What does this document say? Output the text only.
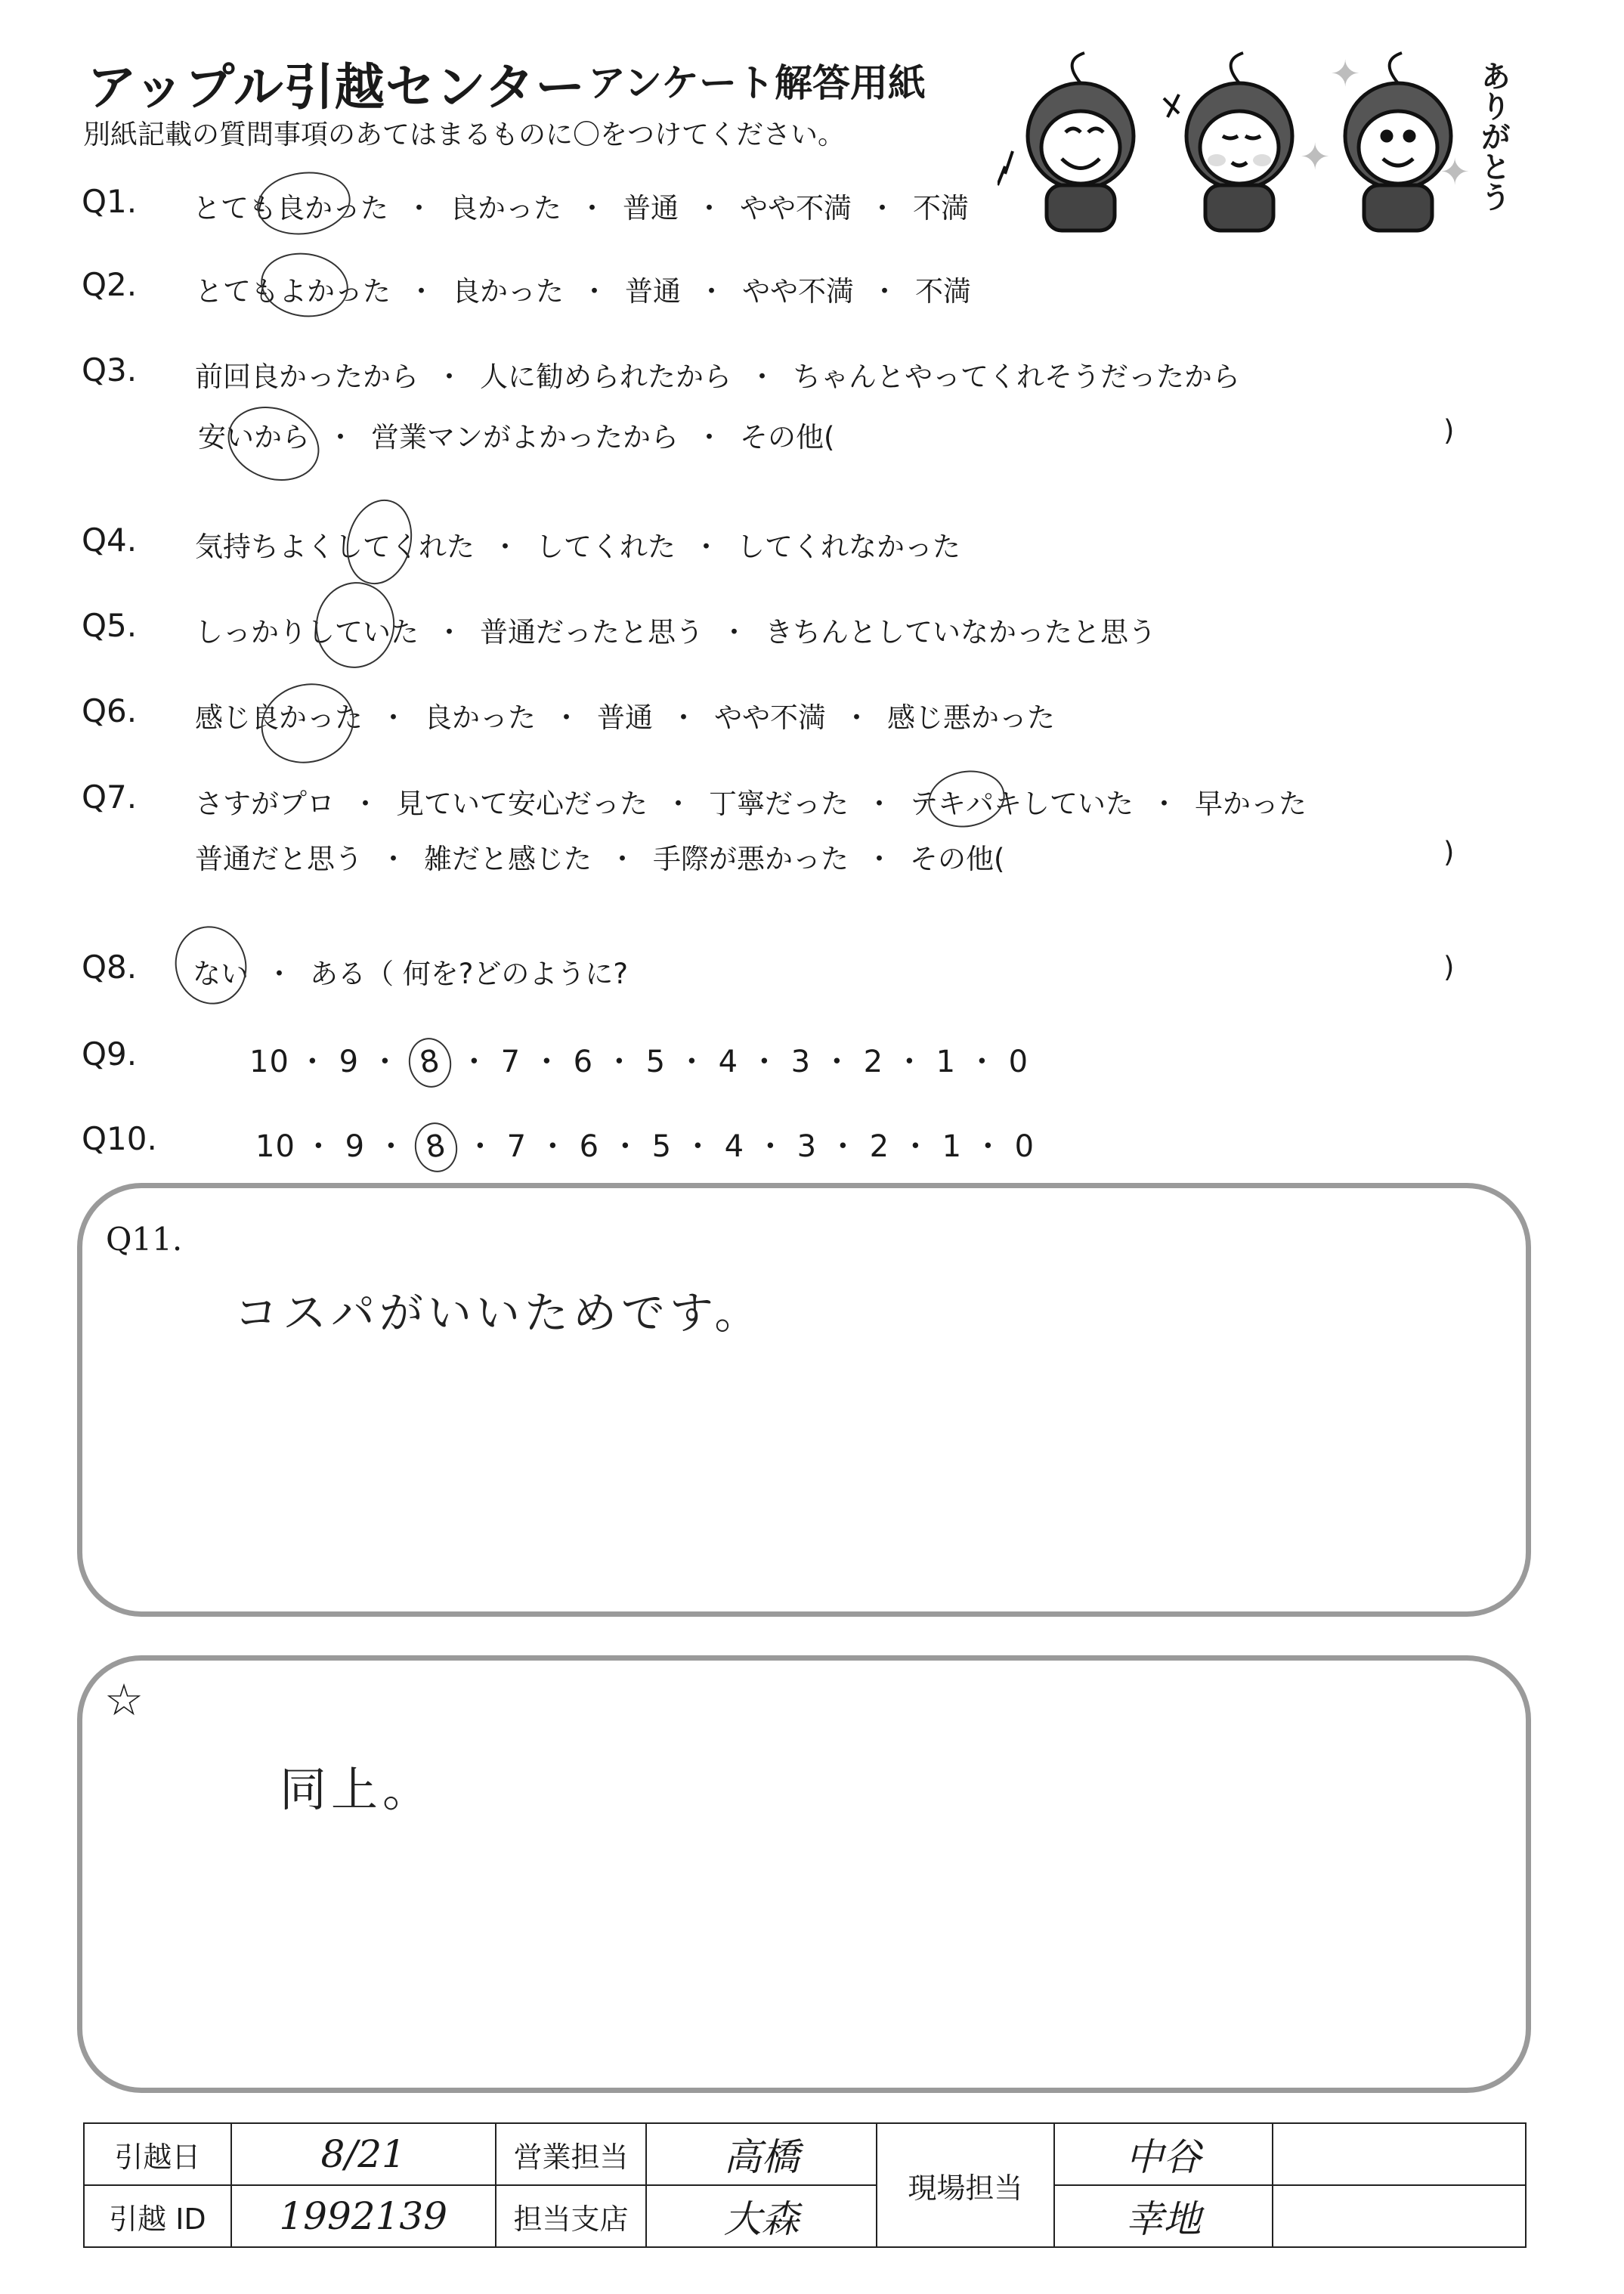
アップル引越センター アンケート解答用紙
別紙記載の質問事項のあてはまるものに〇をつけてください。
✦
✦	✦ ありがとう
Q1. とても良かった ・ 良かった ・ 普通 ・ やや不満 ・ 不満
Q2. とてもよかった ・ 良かった ・ 普通 ・ やや不満 ・ 不満
Q3. 前回良かったから ・ 人に勧められたから ・ ちゃんとやってくれそうだったから
安いから ・ 営業マンがよかったから ・ その他(	)
Q4. 気持ちよくしてくれた ・ してくれた ・ してくれなかった
Q5. しっかりしていた ・ 普通だったと思う ・ きちんとしていなかったと思う
Q6. 感じ良かった ・ 良かった ・ 普通 ・ やや不満 ・ 感じ悪かった
Q7. さすがプロ ・ 見ていて安心だった ・ 丁寧だった ・ テキパキしていた ・ 早かった
普通だと思う ・ 雑だと感じた ・ 手際が悪かった ・ その他(	)
Q8. ない ・ ある（ 何を?どのように?	)
Q9.	10 ・ 9 ・ 8 ・ 7 ・ 6 ・ 5 ・ 4 ・ 3 ・ 2 ・ 1 ・ 0
Q10.	10 ・ 9 ・ 8 ・ 7 ・ 6 ・ 5 ・ 4 ・ 3 ・ 2 ・ 1 ・ 0
Q11.
コスパがいいためです。
☆
同上。
引越日	8/21	営業担当	高橋	現場担当	中谷	
引越 ID	1992139	担当支店	大森		幸地	
